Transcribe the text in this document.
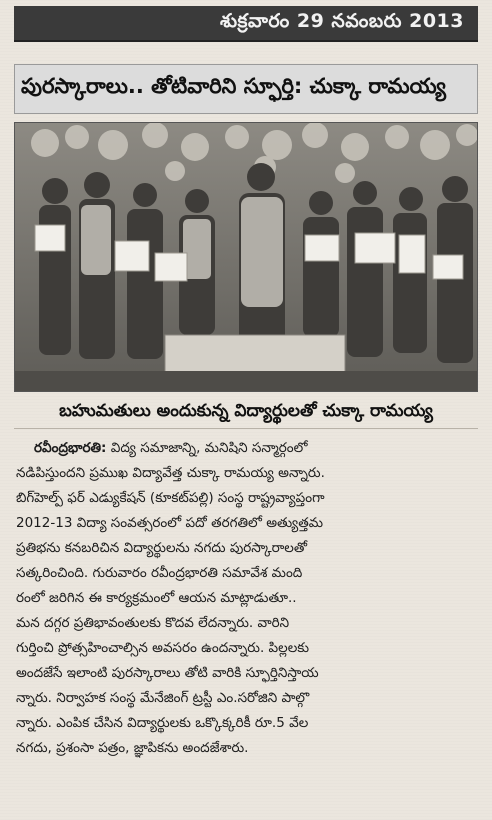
శుక్రవారం 29 నవంబరు 2013
పురస్కారాలు.. తోటివారిని స్ఫూర్తి: చుక్కా రామయ్య
బహుమతులు అందుకున్న విద్యార్థులతో చుక్కా రామయ్య
రవీంద్రభారతి: విద్య సమాజాన్ని, మనిషిని సన్మార్గంలో
నడిపిస్తుందని ప్రముఖ విద్యావేత్త చుక్కా రామయ్య అన్నారు.
బిగ్‌హెల్ప్ ఫర్ ఎడ్యుకేషన్ (కూకట్‌పల్లి) సంస్థ రాష్ట్రవ్యాప్తంగా
2012-13 విద్యా సంవత్సరంలో పదో తరగతిలో అత్యుత్తమ
ప్రతిభను కనబరిచిన విద్యార్థులను నగదు పురస్కారాలతో
సత్కరించింది. గురువారం రవీంద్రభారతి సమావేశ మంది
రంలో జరిగిన ఈ కార్యక్రమంలో ఆయన మాట్లాడుతూ..
మన దగ్గర ప్రతిభావంతులకు కొదవ లేదన్నారు. వారిని
గుర్తించి ప్రోత్సహించాల్సిన అవసరం ఉందన్నారు. పిల్లలకు
అందజేసే ఇలాంటి పురస్కారాలు తోటి వారికి స్ఫూర్తినిస్తాయ
న్నారు. నిర్వాహక సంస్థ మేనేజింగ్ ట్రస్టీ ఎం.సరోజిని పాల్గొ
న్నారు. ఎంపిక చేసిన విద్యార్థులకు ఒక్కొక్కరికీ రూ.5 వేల
నగదు, ప్రశంసా పత్రం, జ్ఞాపికను అందజేశారు.
